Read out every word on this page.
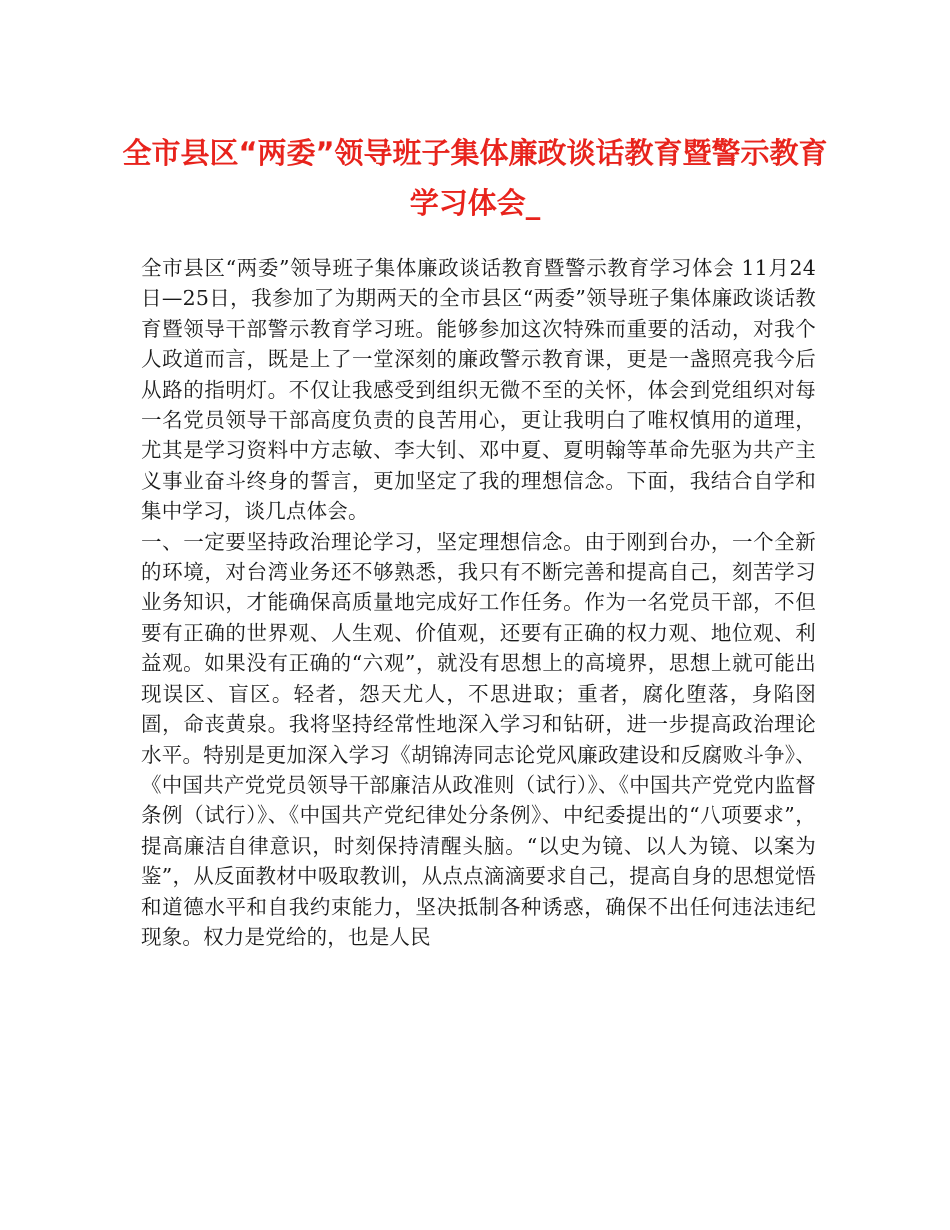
全市县区“两委”领导班子集体廉政谈话教育暨警示教育学习体会_

全市县区“两委”领导班子集体廉政谈话教育暨警示教育学习体会 11月24日—25日，我参加了为期两天的全市县区“两委”领导班子集体廉政谈话教育暨领导干部警示教育学习班。能够参加这次特殊而重要的活动，对我个人政道而言，既是上了一堂深刻的廉政警示教育课，更是一盏照亮我今后从路的指明灯。不仅让我感受到组织无微不至的关怀，体会到党组织对每一名党员领导干部高度负责的良苦用心，更让我明白了唯权慎用的道理，尤其是学习资料中方志敏、李大钊、邓中夏、夏明翰等革命先驱为共产主义事业奋斗终身的誓言，更加坚定了我的理想信念。下面，我结合自学和集中学习，谈几点体会。

一、一定要坚持政治理论学习，坚定理想信念。由于刚到台办，一个全新的环境，对台湾业务还不够熟悉，我只有不断完善和提高自己，刻苦学习业务知识，才能确保高质量地完成好工作任务。作为一名党员干部，不但要有正确的世界观、人生观、价值观，还要有正确的权力观、地位观、利益观。如果没有正确的“六观”，就没有思想上的高境界，思想上就可能出现误区、盲区。轻者，怨天尤人，不思进取；重者，腐化堕落，身陷囹圄，命丧黄泉。我将坚持经常性地深入学习和钻研，进一步提高政治理论水平。特别是更加深入学习《胡锦涛同志论党风廉政建设和反腐败斗争》、《中国共产党党员领导干部廉洁从政准则（试行）》、《中国共产党党内监督条例（试行）》、《中国共产党纪律处分条例》、中纪委提出的“八项要求”，提高廉洁自律意识，时刻保持清醒头脑。“以史为镜、以人为镜、以案为鉴”，从反面教材中吸取教训，从点点滴滴要求自己，提高自身的思想觉悟和道德水平和自我约束能力，坚决抵制各种诱惑，确保不出任何违法违纪现象。权力是党给的，也是人民
